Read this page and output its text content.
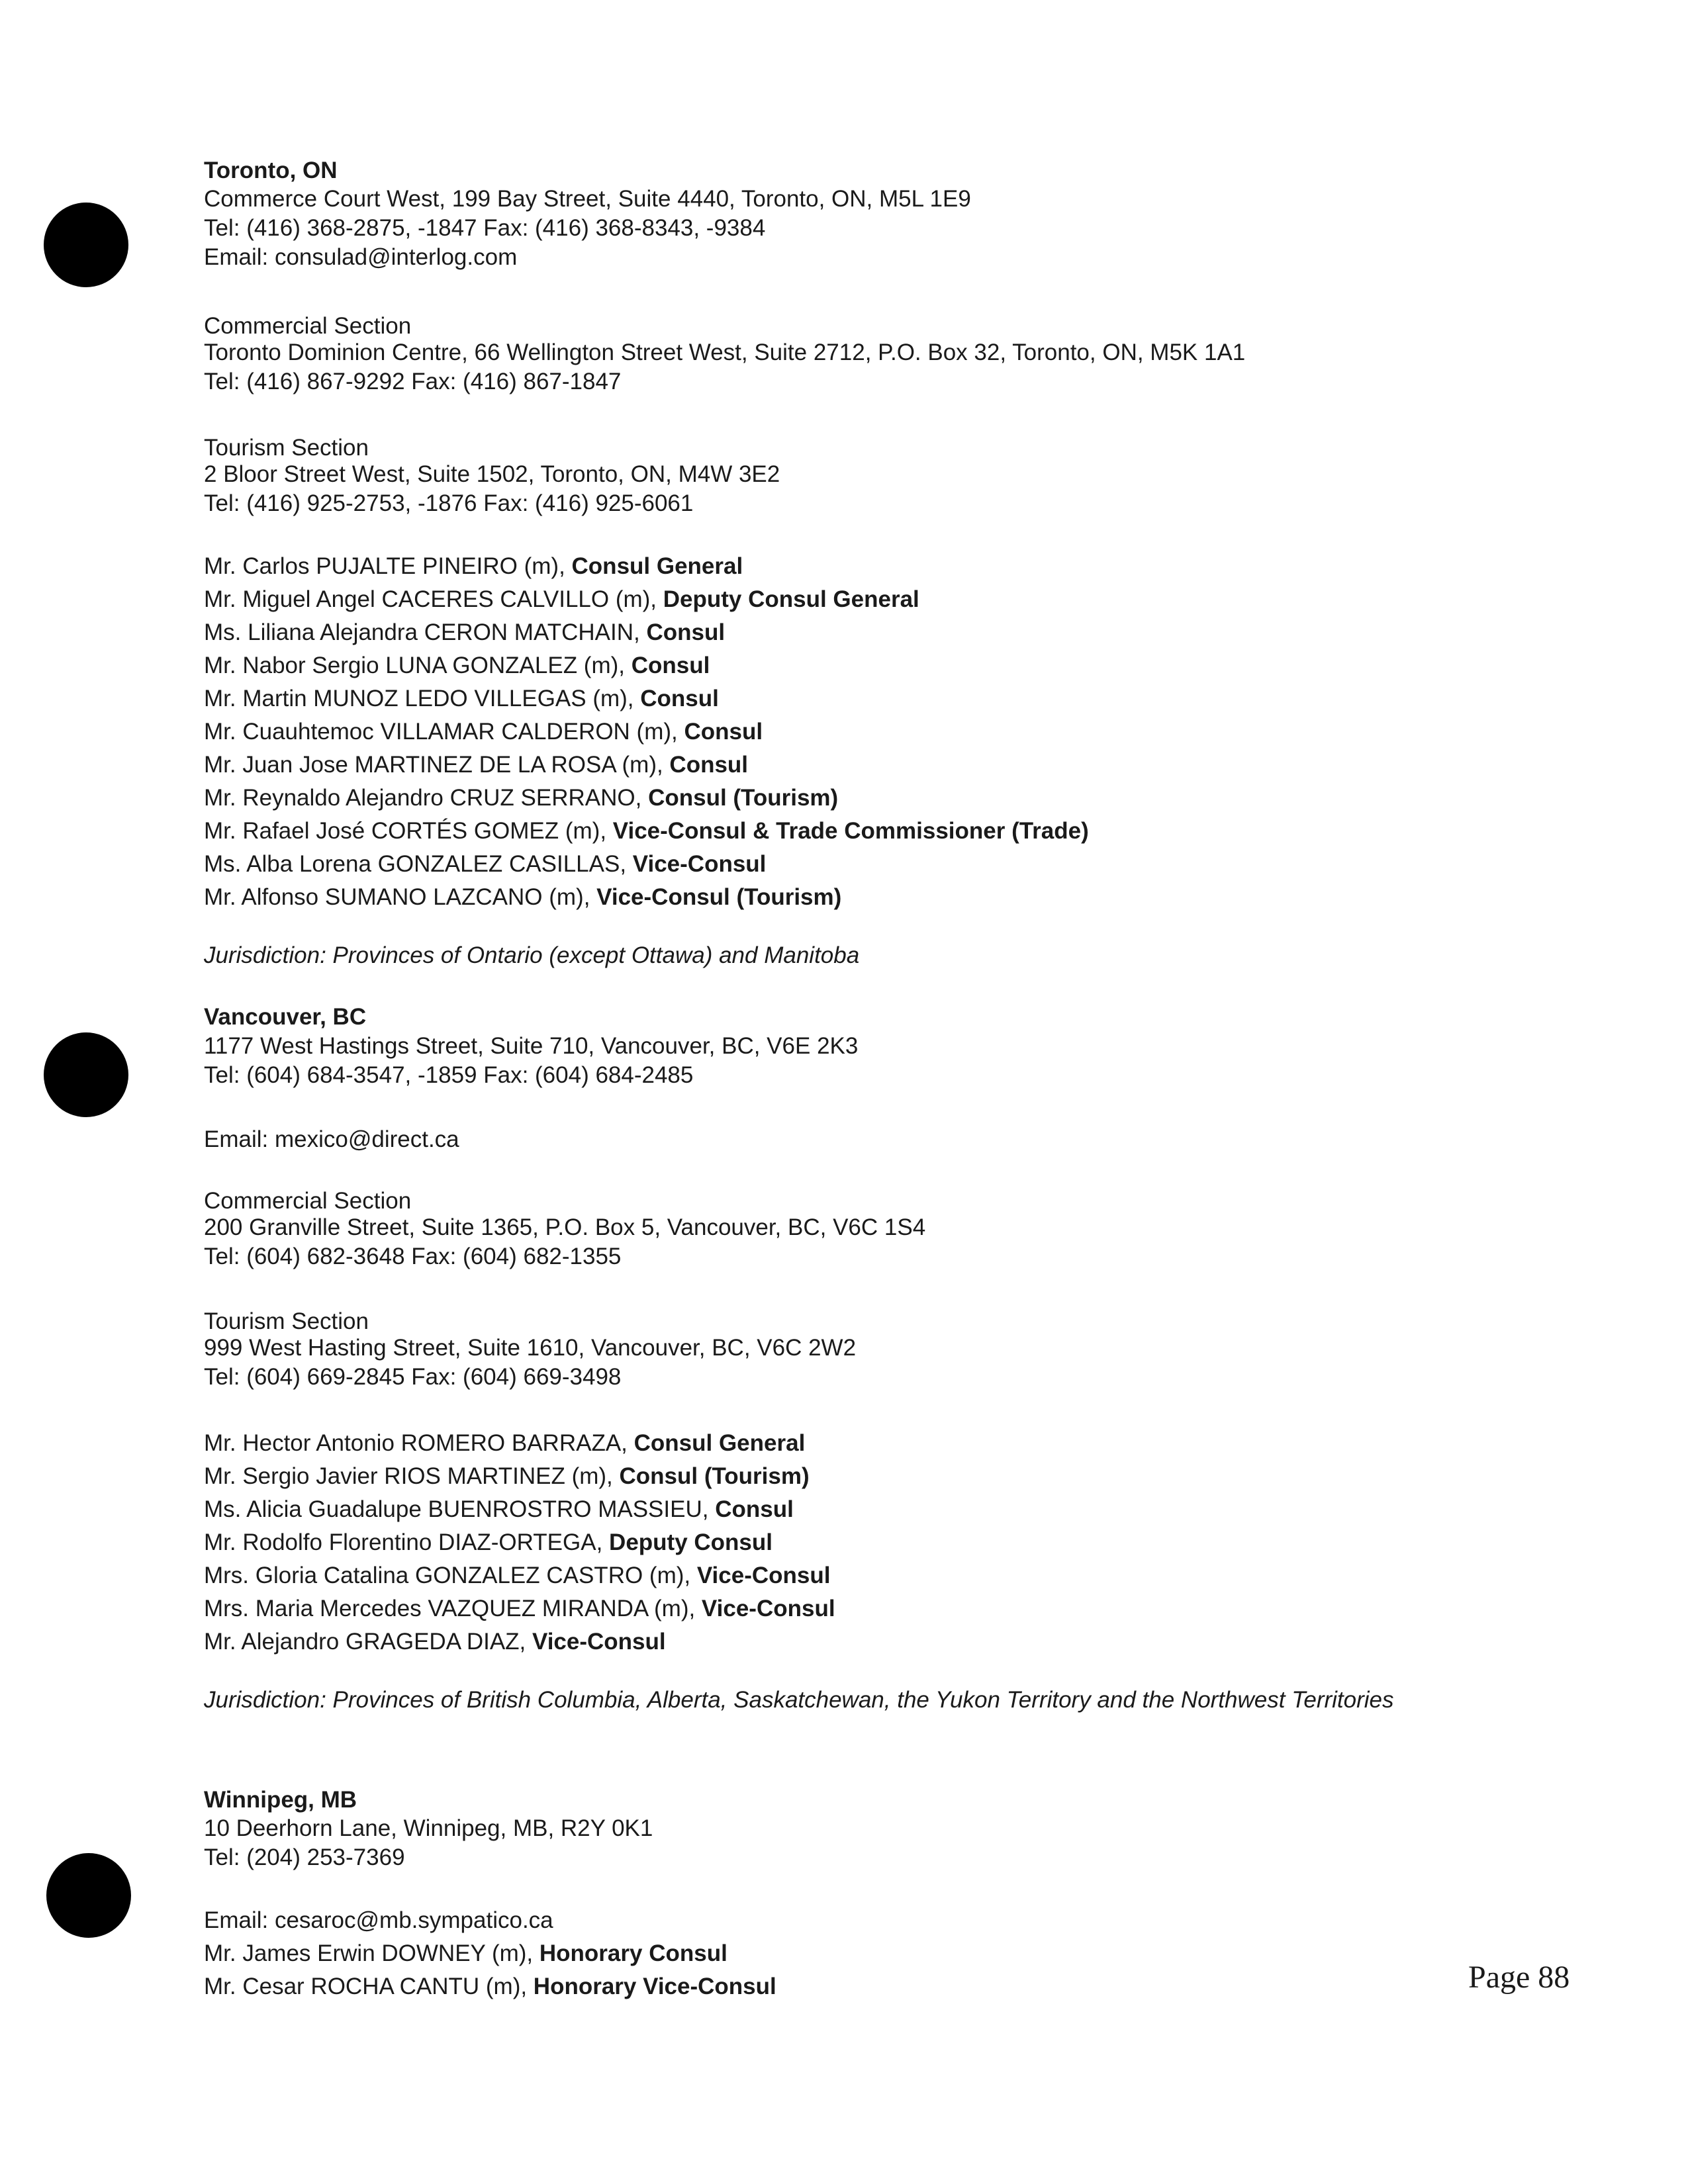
Toronto, ON
Commerce Court West, 199 Bay Street, Suite 4440, Toronto, ON, M5L 1E9
Tel: (416) 368-2875, -1847 Fax: (416) 368-8343, -9384
Email: consulad@interlog.com
Commercial Section
Toronto Dominion Centre, 66 Wellington Street West, Suite 2712, P.O. Box 32, Toronto, ON, M5K 1A1
Tel: (416) 867-9292 Fax: (416) 867-1847
Tourism Section
2 Bloor Street West, Suite 1502, Toronto, ON, M4W 3E2
Tel: (416) 925-2753, -1876 Fax: (416) 925-6061
Mr. Carlos PUJALTE PINEIRO (m), Consul General
Mr. Miguel Angel CACERES CALVILLO (m), Deputy Consul General
Ms. Liliana Alejandra CERON MATCHAIN, Consul
Mr. Nabor Sergio LUNA GONZALEZ (m), Consul
Mr. Martin MUNOZ LEDO VILLEGAS (m), Consul
Mr. Cuauhtemoc VILLAMAR CALDERON (m), Consul
Mr. Juan Jose MARTINEZ DE LA ROSA (m), Consul
Mr. Reynaldo Alejandro CRUZ SERRANO, Consul (Tourism)
Mr. Rafael José CORTÉS GOMEZ (m), Vice-Consul & Trade Commissioner (Trade)
Ms. Alba Lorena GONZALEZ CASILLAS, Vice-Consul
Mr. Alfonso SUMANO LAZCANO (m), Vice-Consul (Tourism)
Jurisdiction: Provinces of Ontario (except Ottawa) and Manitoba
Vancouver, BC
1177 West Hastings Street, Suite 710, Vancouver, BC, V6E 2K3
Tel: (604) 684-3547, -1859 Fax: (604) 684-2485
Email: mexico@direct.ca
Commercial Section
200 Granville Street, Suite 1365, P.O. Box 5, Vancouver, BC, V6C 1S4
Tel: (604) 682-3648 Fax: (604) 682-1355
Tourism Section
999 West Hasting Street, Suite 1610, Vancouver, BC, V6C 2W2
Tel: (604) 669-2845 Fax: (604) 669-3498
Mr. Hector Antonio ROMERO BARRAZA, Consul General
Mr. Sergio Javier RIOS MARTINEZ (m), Consul (Tourism)
Ms. Alicia Guadalupe BUENROSTRO MASSIEU, Consul
Mr. Rodolfo Florentino DIAZ-ORTEGA, Deputy Consul
Mrs. Gloria Catalina GONZALEZ CASTRO (m), Vice-Consul
Mrs. Maria Mercedes VAZQUEZ MIRANDA (m), Vice-Consul
Mr. Alejandro GRAGEDA DIAZ, Vice-Consul
Jurisdiction: Provinces of British Columbia, Alberta, Saskatchewan, the Yukon Territory and the Northwest Territories
Winnipeg, MB
10 Deerhorn Lane, Winnipeg, MB, R2Y 0K1
Tel: (204) 253-7369
Email: cesaroc@mb.sympatico.ca
Mr. James Erwin DOWNEY (m), Honorary Consul
Mr. Cesar ROCHA CANTU (m), Honorary Vice-Consul	Page 88
